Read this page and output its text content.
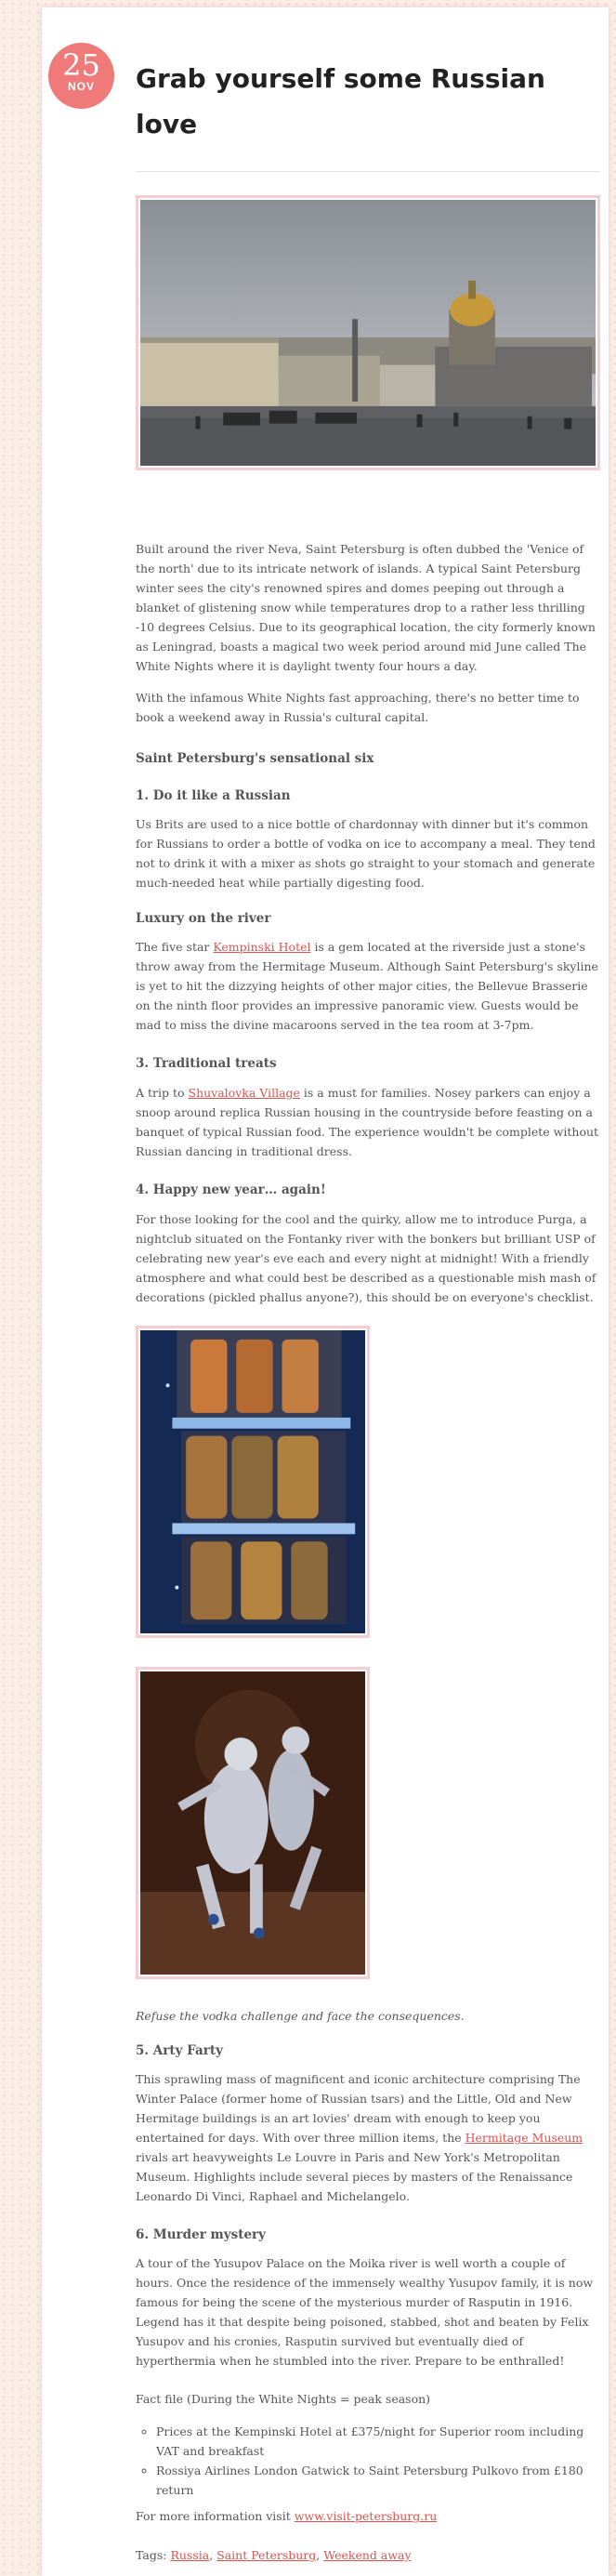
25
NOV	Grab yourself some Russian love

Built around the river Neva, Saint Petersburg is often dubbed the 'Venice of the north' due to its intricate network of islands. A typical Saint Petersburg winter sees the city's renowned spires and domes peeping out through a blanket of glistening snow while temperatures drop to a rather less thrilling -10 degrees Celsius. Due to its geographical location, the city formerly known as Leningrad, boasts a magical two week period around mid June called The White Nights where it is daylight twenty four hours a day.

With the infamous White Nights fast approaching, there's no better time to book a weekend away in Russia's cultural capital.

Saint Petersburg's sensational six
1. Do it like a Russian

Us Brits are used to a nice bottle of chardonnay with dinner but it's common for Russians to order a bottle of vodka on ice to accompany a meal. They tend not to drink it with a mixer as shots go straight to your stomach and generate much-needed heat while partially digesting food.

Luxury on the river

The five star Kempinski Hotel is a gem located at the riverside just a stone's throw away from the Hermitage Museum. Although Saint Petersburg's skyline is yet to hit the dizzying heights of other major cities, the Bellevue Brasserie on the ninth floor provides an impressive panoramic view. Guests would be mad to miss the divine macaroons served in the tea room at 3-7pm.

3. Traditional treats

A trip to Shuvalovka Village is a must for families. Nosey parkers can enjoy a snoop around replica Russian housing in the countryside before feasting on a banquet of typical Russian food. The experience wouldn't be complete without Russian dancing in traditional dress.

4. Happy new year… again!

For those looking for the cool and the quirky, allow me to introduce Purga, a nightclub situated on the Fontanky river with the bonkers but brilliant USP of celebrating new year's eve each and every night at midnight! With a friendly atmosphere and what could best be described as a questionable mish mash of decorations (pickled phallus anyone?), this should be on everyone's checklist.

Refuse the vodka challenge and face the consequences.

5. Arty Farty

This sprawling mass of magnificent and iconic architecture comprising The Winter Palace (former home of Russian tsars) and the Little, Old and New Hermitage buildings is an art lovies' dream with enough to keep you entertained for days. With over three million items, the Hermitage Museum rivals art heavyweights Le Louvre in Paris and New York's Metropolitan Museum. Highlights include several pieces by masters of the Renaissance Leonardo Di Vinci, Raphael and Michelangelo.

6. Murder mystery

A tour of the Yusupov Palace on the Moika river is well worth a couple of hours. Once the residence of the immensely wealthy Yusupov family, it is now famous for being the scene of the mysterious murder of Rasputin in 1916. Legend has it that despite being poisoned, stabbed, shot and beaten by Felix Yusupov and his cronies, Rasputin survived but eventually died of hyperthermia when he stumbled into the river. Prepare to be enthralled!

Fact file (During the White Nights = peak season)

◦ Prices at the Kempinski Hotel at £375/night for Superior room including VAT and breakfast
◦ Rossiya Airlines London Gatwick to Saint Petersburg Pulkovo from £180 return

For more information visit www.visit-petersburg.ru

Tags: Russia, Saint Petersburg, Weekend away
